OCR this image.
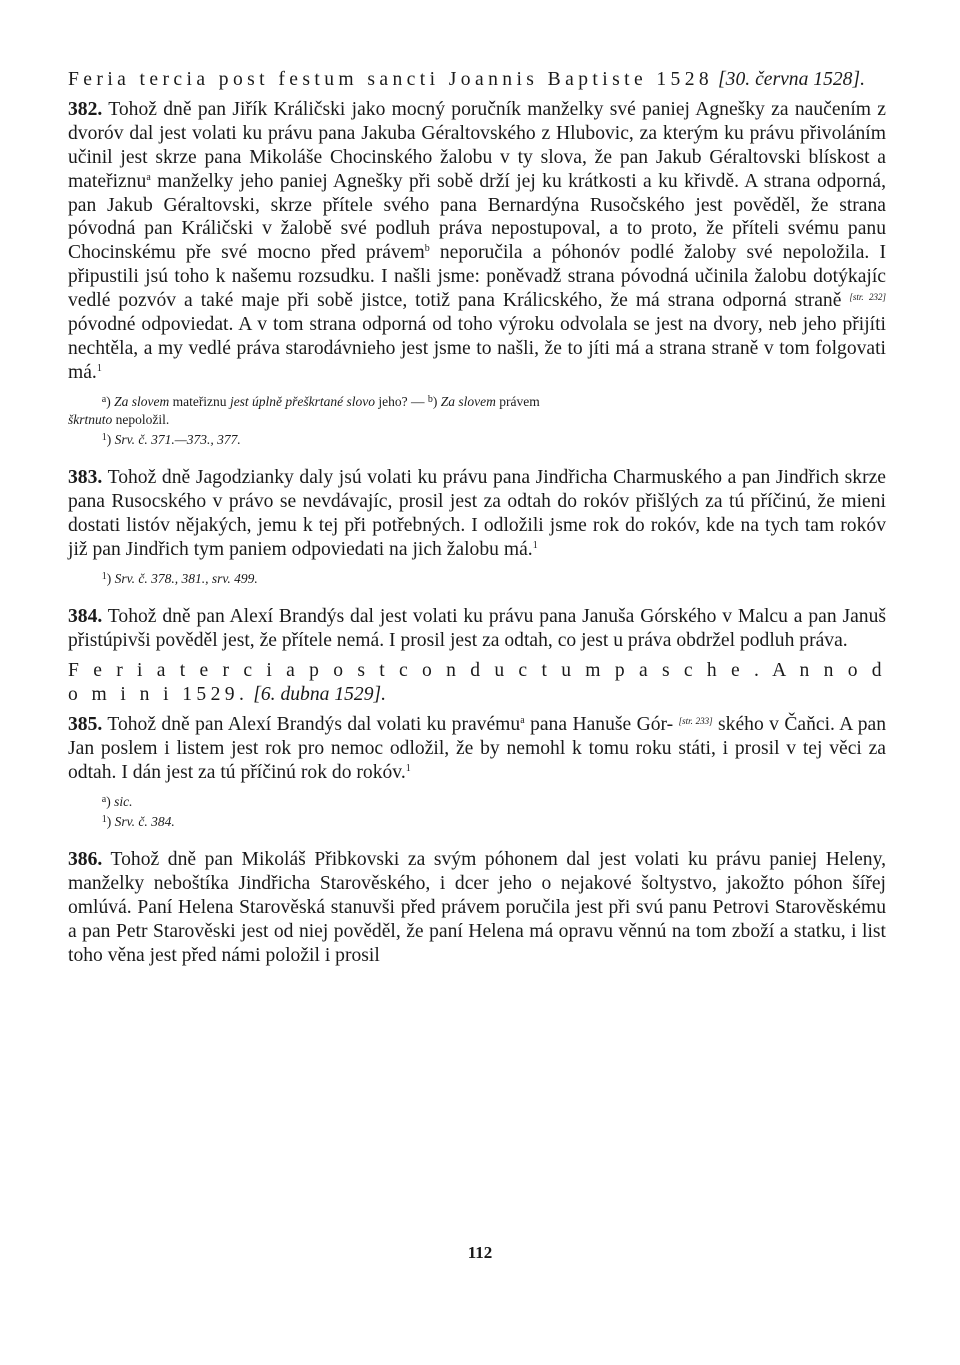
Feria tercia post festum sancti Joannis Baptiste 1528 [30. června 1528].

382. Tohož dně pan Jiřík Králičski jako mocný poručník manželky své paniej Agnešky za naučením z dvoróv dal jest volati ku právu pana Jakuba Géraltovského z Hlubovic, za kterým ku právu přivoláním učinil jest skrze pana Mikoláše Chocinského žalobu v ty slova, že pan Jakub Géraltovski blískost a mateřiznu$^a$ manželky jeho paniej Agnešky při sobě drží jej ku krátkosti a ku křivdě. A strana odporná, pan Jakub Géraltovski, skrze přítele svého pana Bernardýna Rusočského jest pověděl, že strana póvodná pan Králičski v žalobě své podluh práva nepostupoval, a to proto, že příteli svému panu Chocinskému pře své mocno před právem$^b$ neporučila a póhonóv podlé žaloby své nepoložila. I připustili jsú toho k našemu rozsudku. I našli jsme: poněvadž strana póvodná učinila žalobu dotýkajíc vedlé pozvóv a také maje při sobě jistce, totiž pana Králicského, že má strana odporná straně [str. 232] póvodné odpoviedat. A v tom strana odporná od toho výroku odvolala se jest na dvory, neb jeho přijíti nechtěla, a my vedlé práva starodávnieho jest jsme to našli, že to jíti má a strana straně v tom folgovati má.$^1$

$^a$) Za slovem mateřiznu jest úplně přeškrtané slovo jeho? — $^b$) Za slovem právem
škrtnuto nepoložil.

$^1$) Srv. č. 371.—373., 377.

383. Tohož dně Jagodzianky daly jsú volati ku právu pana Jindřicha Charmuského a pan Jindřich skrze pana Rusocského v právo se nevdávajíc, prosil jest za odtah do rokóv přišlých za tú příčinú, že mieni dostati listóv nějakých, jemu k tej při potřebných. I odložili jsme rok do rokóv, kde na tych tam rokóv již pan Jindřich tym paniem odpoviedati na jich žalobu má.$^1$

$^1$) Srv. č. 378., 381., srv. 499.

384. Tohož dně pan Alexí Brandýs dal jest volati ku právu pana Januša Górského v Malcu a pan Januš přistúpivši pověděl jest, že přítele nemá. I prosil jest za odtah, co jest u práva obdržel podluh práva.

F e r i a t e r c i a p o s t c o n d u c t u m p a s c h e . A n n o d o m i n i 1529. [6. dubna 1529].

385. Tohož dně pan Alexí Brandýs dal volati ku pravému$^a$ pana Hanuše Gór- [str. 233] ského v Čaňci. A pan Jan poslem i listem jest rok pro nemoc odložil, že by nemohl k tomu roku státi, i prosil v tej věci za odtah. I dán jest za tú příčinú rok do rokóv.$^1$

$^a$) sic.

$^1$) Srv. č. 384.

386. Tohož dně pan Mikoláš Přibkovski za svým póhonem dal jest volati ku právu paniej Heleny, manželky neboštíka Jindřicha Starověského, i dcer jeho o nejakové šoltystvo, jakožto póhon šířej omlúvá. Paní Helena Starověská stanuvši před právem poručila jest při svú panu Petrovi Starověskému a pan Petr Starověski jest od niej pověděl, že paní Helena má opravu věnnú na tom zboží a statku, i list toho věna jest před námi položil i prosil

112
